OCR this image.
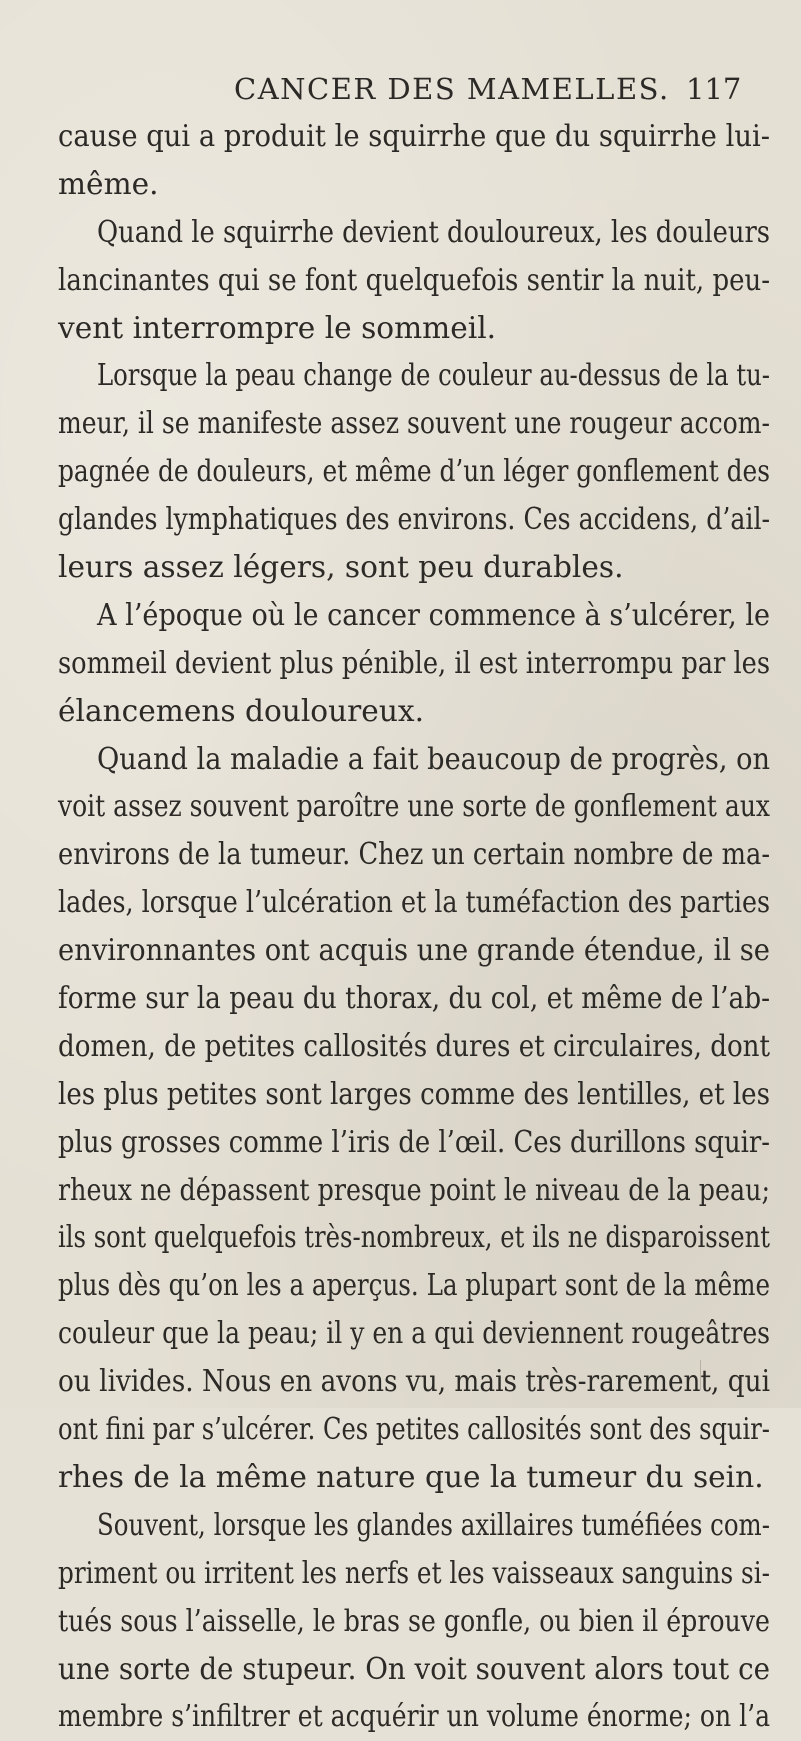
CANCER DES MAMELLES. 117
cause qui a produit le squirrhe que du squirrhe lui-
même.
Quand le squirrhe devient douloureux, les douleurs
lancinantes qui se font quelquefois sentir la nuit, peu-
vent interrompre le sommeil.
Lorsque la peau change de couleur au-dessus de la tu-
meur, il se manifeste assez souvent une rougeur accom-
pagnée de douleurs, et même d’un léger gonflement des
glandes lymphatiques des environs. Ces accidens, d’ail-
leurs assez légers, sont peu durables.
A l’époque où le cancer commence à s’ulcérer, le
sommeil devient plus pénible, il est interrompu par les
élancemens douloureux.
Quand la maladie a fait beaucoup de progrès, on
voit assez souvent paroître une sorte de gonflement aux
environs de la tumeur. Chez un certain nombre de ma-
lades, lorsque l’ulcération et la tuméfaction des parties
environnantes ont acquis une grande étendue, il se
forme sur la peau du thorax, du col, et même de l’ab-
domen, de petites callosités dures et circulaires, dont
les plus petites sont larges comme des lentilles, et les
plus grosses comme l’iris de l’œil. Ces durillons squir-
rheux ne dépassent presque point le niveau de la peau;
ils sont quelquefois très-nombreux, et ils ne disparoissent
plus dès qu’on les a aperçus. La plupart sont de la même
couleur que la peau; il y en a qui deviennent rougeâtres
ou livides. Nous en avons vu, mais très-rarement, qui
ont fini par s’ulcérer. Ces petites callosités sont des squir-
rhes de la même nature que la tumeur du sein.
Souvent, lorsque les glandes axillaires tuméfiées com-
priment ou irritent les nerfs et les vaisseaux sanguins si-
tués sous l’aisselle, le bras se gonfle, ou bien il éprouve
une sorte de stupeur. On voit souvent alors tout ce
membre s’infiltrer et acquérir un volume énorme; on l’a
